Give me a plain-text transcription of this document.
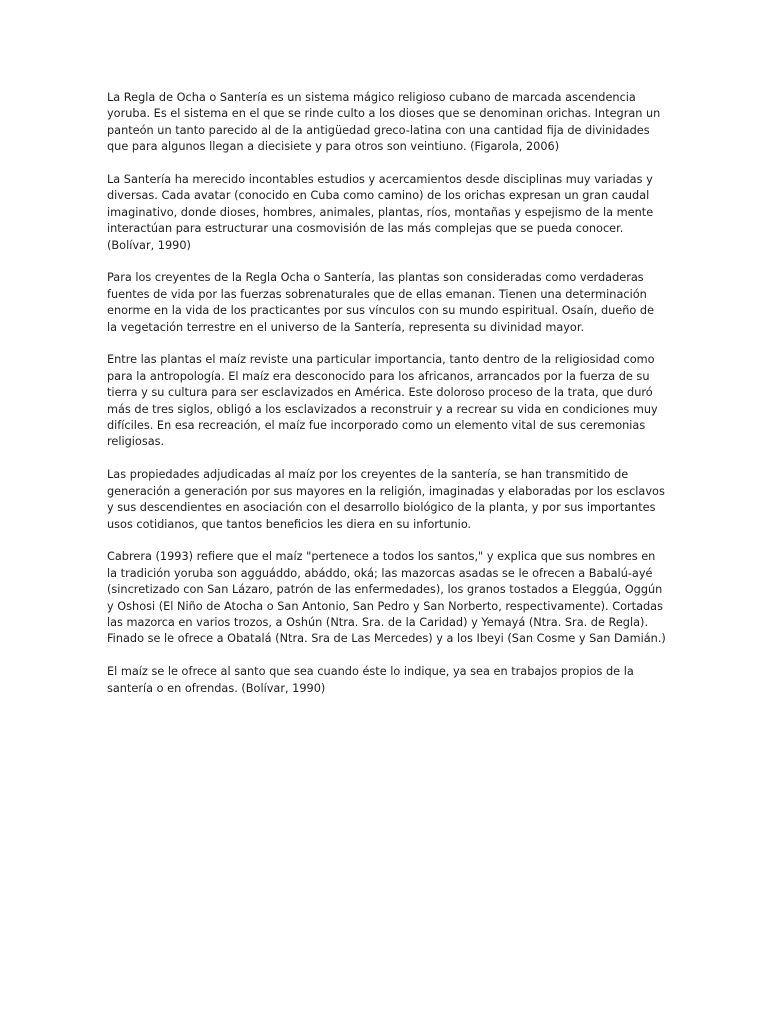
La Regla de Ocha o Santería es un sistema mágico religioso cubano de marcada ascendencia yoruba. Es el sistema en el que se rinde culto a los dioses que se denominan orichas. Integran un panteón un tanto parecido al de la antigüedad greco-latina con una cantidad fija de divinidades que para algunos llegan a diecisiete y para otros son veintiuno. (Figarola, 2006)

La Santería ha merecido incontables estudios y acercamientos desde disciplinas muy variadas y diversas. Cada avatar (conocido en Cuba como camino) de los orichas expresan un gran caudal imaginativo, donde dioses, hombres, animales, plantas, ríos, montañas y espejismo de la mente interactúan para estructurar una cosmovisión de las más complejas que se pueda conocer. (Bolívar, 1990)

Para los creyentes de la Regla Ocha o Santería, las plantas son consideradas como verdaderas fuentes de vida por las fuerzas sobrenaturales que de ellas emanan. Tienen una determinación enorme en la vida de los practicantes por sus vínculos con su mundo espiritual. Osaín, dueño de la vegetación terrestre en el universo de la Santería, representa su divinidad mayor.

Entre las plantas el maíz reviste una particular importancia, tanto dentro de la religiosidad como para la antropología. El maíz era desconocido para los africanos, arrancados por la fuerza de su tierra y su cultura para ser esclavizados en América. Este doloroso proceso de la trata, que duró más de tres siglos, obligó a los esclavizados a reconstruir y a recrear su vida en condiciones muy difíciles. En esa recreación, el maíz fue incorporado como un elemento vital de sus ceremonias religiosas.

Las propiedades adjudicadas al maíz por los creyentes de la santería, se han transmitido de generación a generación por sus mayores en la religión, imaginadas y elaboradas por los esclavos y sus descendientes en asociación con el desarrollo biológico de la planta, y por sus importantes usos cotidianos, que tantos beneficios les diera en su infortunio.

Cabrera (1993) refiere que el maíz "pertenece a todos los santos," y explica que sus nombres en la tradición yoruba son agguáddo, abáddo, oká; las mazorcas asadas se le ofrecen a Babalú-ayé (sincretizado con San Lázaro, patrón de las enfermedades), los granos tostados a Eleggúa, Oggún y Oshosi (El Niño de Atocha o San Antonio, San Pedro y San Norberto, respectivamente). Cortadas las mazorca en varios trozos, a Oshún (Ntra. Sra. de la Caridad) y Yemayá (Ntra. Sra. de Regla). Finado se le ofrece a Obatalá (Ntra. Sra de Las Mercedes) y a los Ibeyi (San Cosme y San Damián.)

El maíz se le ofrece al santo que sea cuando éste lo indique, ya sea en trabajos propios de la santería o en ofrendas. (Bolívar, 1990)
